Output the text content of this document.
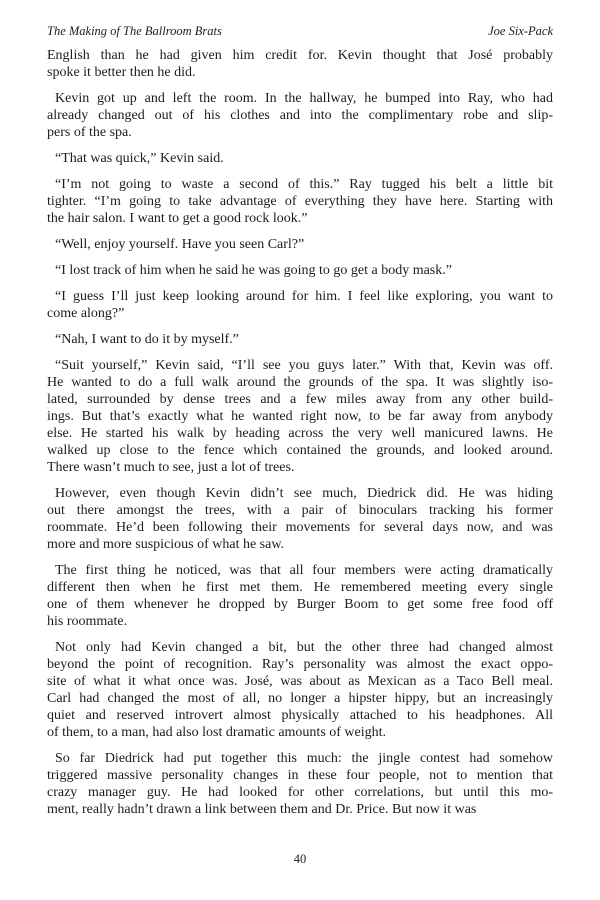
The Making of The Ballroom Brats	Joe Six-Pack
English than he had given him credit for. Kevin thought that José probably
spoke it better then he did.
Kevin got up and left the room. In the hallway, he bumped into Ray, who had
already changed out of his clothes and into the complimentary robe and slip-
pers of the spa.
“That was quick,” Kevin said.
“I’m not going to waste a second of this.” Ray tugged his belt a little bit
tighter. “I’m going to take advantage of everything they have here. Starting with
the hair salon. I want to get a good rock look.”
“Well, enjoy yourself. Have you seen Carl?”
“I lost track of him when he said he was going to go get a body mask.”
“I guess I’ll just keep looking around for him. I feel like exploring, you want to
come along?”
“Nah, I want to do it by myself.”
“Suit yourself,” Kevin said, “I’ll see you guys later.” With that, Kevin was off.
He wanted to do a full walk around the grounds of the spa. It was slightly iso-
lated, surrounded by dense trees and a few miles away from any other build-
ings. But that’s exactly what he wanted right now, to be far away from anybody
else. He started his walk by heading across the very well manicured lawns. He
walked up close to the fence which contained the grounds, and looked around.
There wasn’t much to see, just a lot of trees.
However, even though Kevin didn’t see much, Diedrick did. He was hiding
out there amongst the trees, with a pair of binoculars tracking his former
roommate. He’d been following their movements for several days now, and was
more and more suspicious of what he saw.
The first thing he noticed, was that all four members were acting dramatically
different then when he first met them. He remembered meeting every single
one of them whenever he dropped by Burger Boom to get some free food off
his roommate.
Not only had Kevin changed a bit, but the other three had changed almost
beyond the point of recognition. Ray’s personality was almost the exact oppo-
site of what it what once was. José, was about as Mexican as a Taco Bell meal.
Carl had changed the most of all, no longer a hipster hippy, but an increasingly
quiet and reserved introvert almost physically attached to his headphones. All
of them, to a man, had also lost dramatic amounts of weight.
So far Diedrick had put together this much: the jingle contest had somehow
triggered massive personality changes in these four people, not to mention that
crazy manager guy. He had looked for other correlations, but until this mo-
ment, really hadn’t drawn a link between them and Dr. Price. But now it was
40
